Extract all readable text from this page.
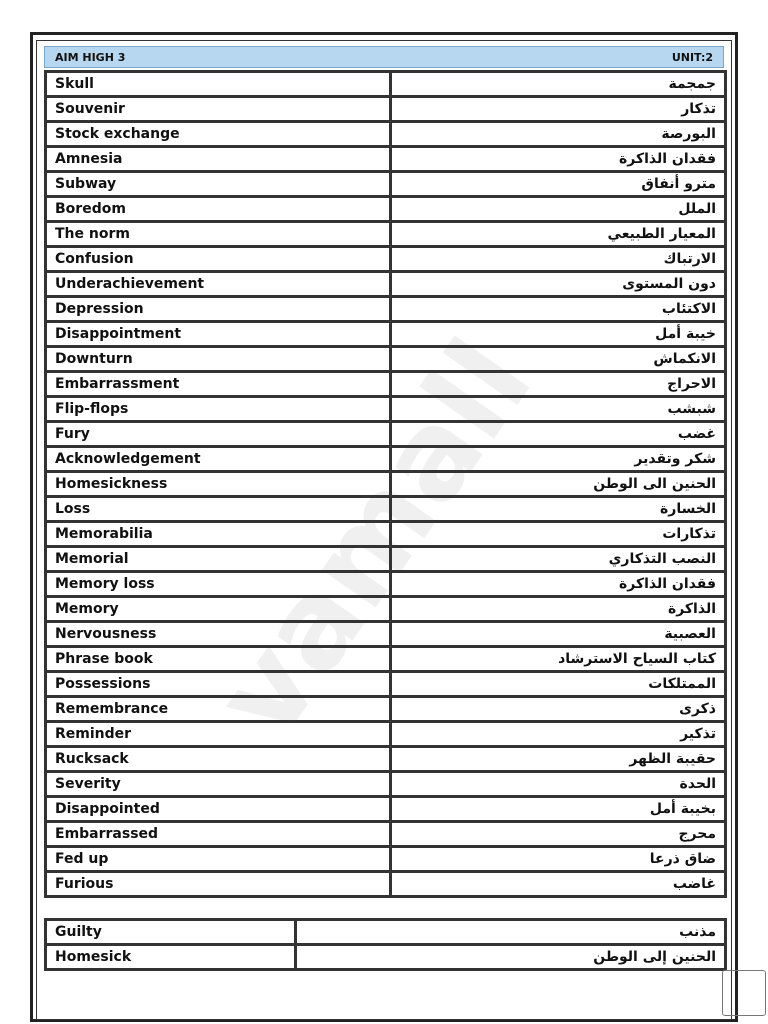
AIM HIGH 3	UNIT:2
vamall
Skull	جمجمة
Souvenir	تذكار
Stock exchange	البورصة
Amnesia	فقدان الذاكرة
Subway	مترو أنفاق
Boredom	الملل
The norm	المعيار الطبيعي
Confusion	الارتباك
Underachievement	دون المستوى
Depression	الاكتئاب
Disappointment	خيبة أمل
Downturn	الانكماش
Embarrassment	الاحراج
Flip-flops	شبشب
Fury	غضب
Acknowledgement	شكر وتقدير
Homesickness	الحنين الى الوطن
Loss	الخسارة
Memorabilia	تذكارات
Memorial	النصب التذكاري
Memory loss	فقدان الذاكرة
Memory	الذاكرة
Nervousness	العصبية
Phrase book	كتاب السياح الاسترشاد
Possessions	الممتلكات
Remembrance	ذكرى
Reminder	تذكير
Rucksack	حقيبة الظهر
Severity	الحدة
Disappointed	بخيبة أمل
Embarrassed	محرج
Fed up	ضاق ذرعا
Furious	غاضب
Guilty	مذنب
Homesick	الحنين إلى الوطن
